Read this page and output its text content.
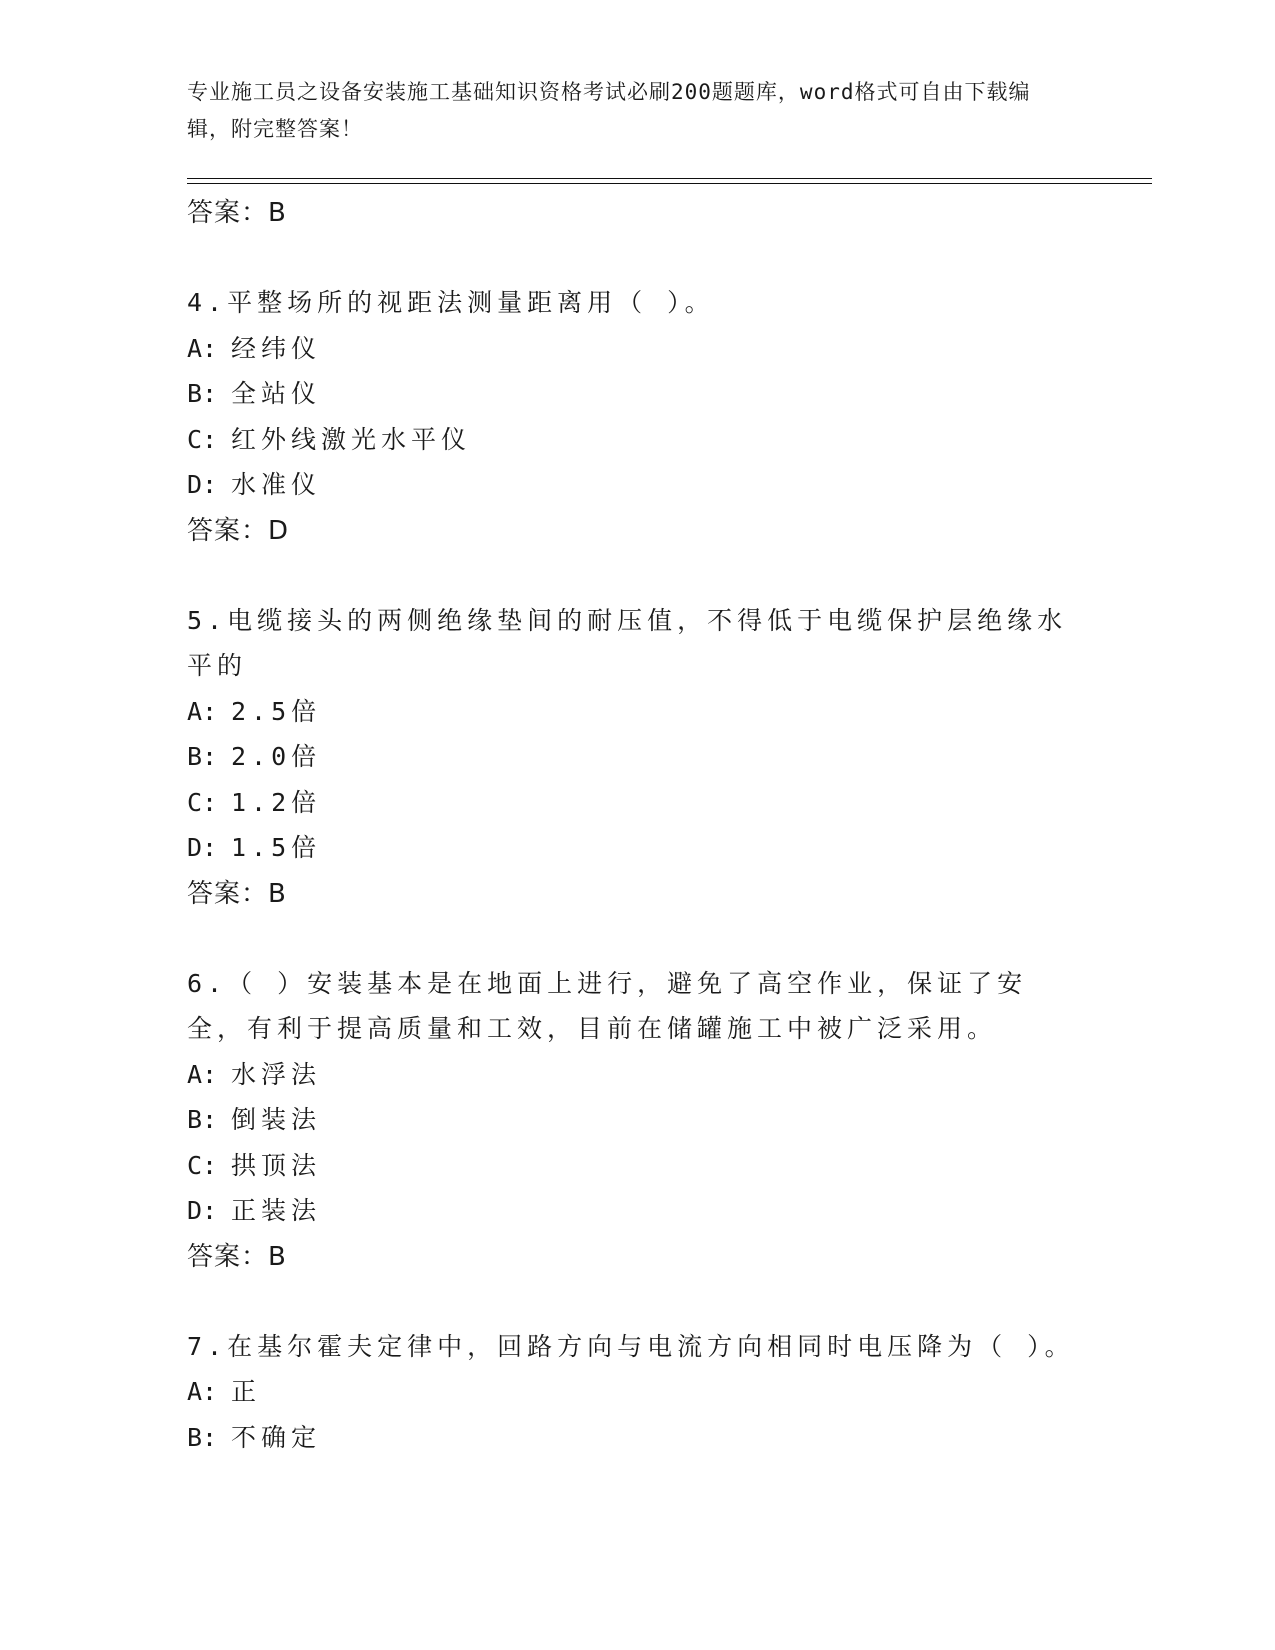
专业施工员之设备安装施工基础知识资格考试必刷200题题库，word格式可自由下载编辑，附完整答案！
答案：B
4.平整场所的视距法测量距离用（ ）。
A: 经纬仪
B: 全站仪
C: 红外线激光水平仪
D: 水准仪
答案：D
5.电缆接头的两侧绝缘垫间的耐压值，不得低于电缆保护层绝缘水平的
A: 2.5倍
B: 2.0倍
C: 1.2倍
D: 1.5倍
答案：B
6.（ ）安装基本是在地面上进行，避免了高空作业，保证了安全，有利于提高质量和工效，目前在储罐施工中被广泛采用。
A: 水浮法
B: 倒装法
C: 拱顶法
D: 正装法
答案：B
7.在基尔霍夫定律中，回路方向与电流方向相同时电压降为（ ）。
A: 正
B: 不确定
